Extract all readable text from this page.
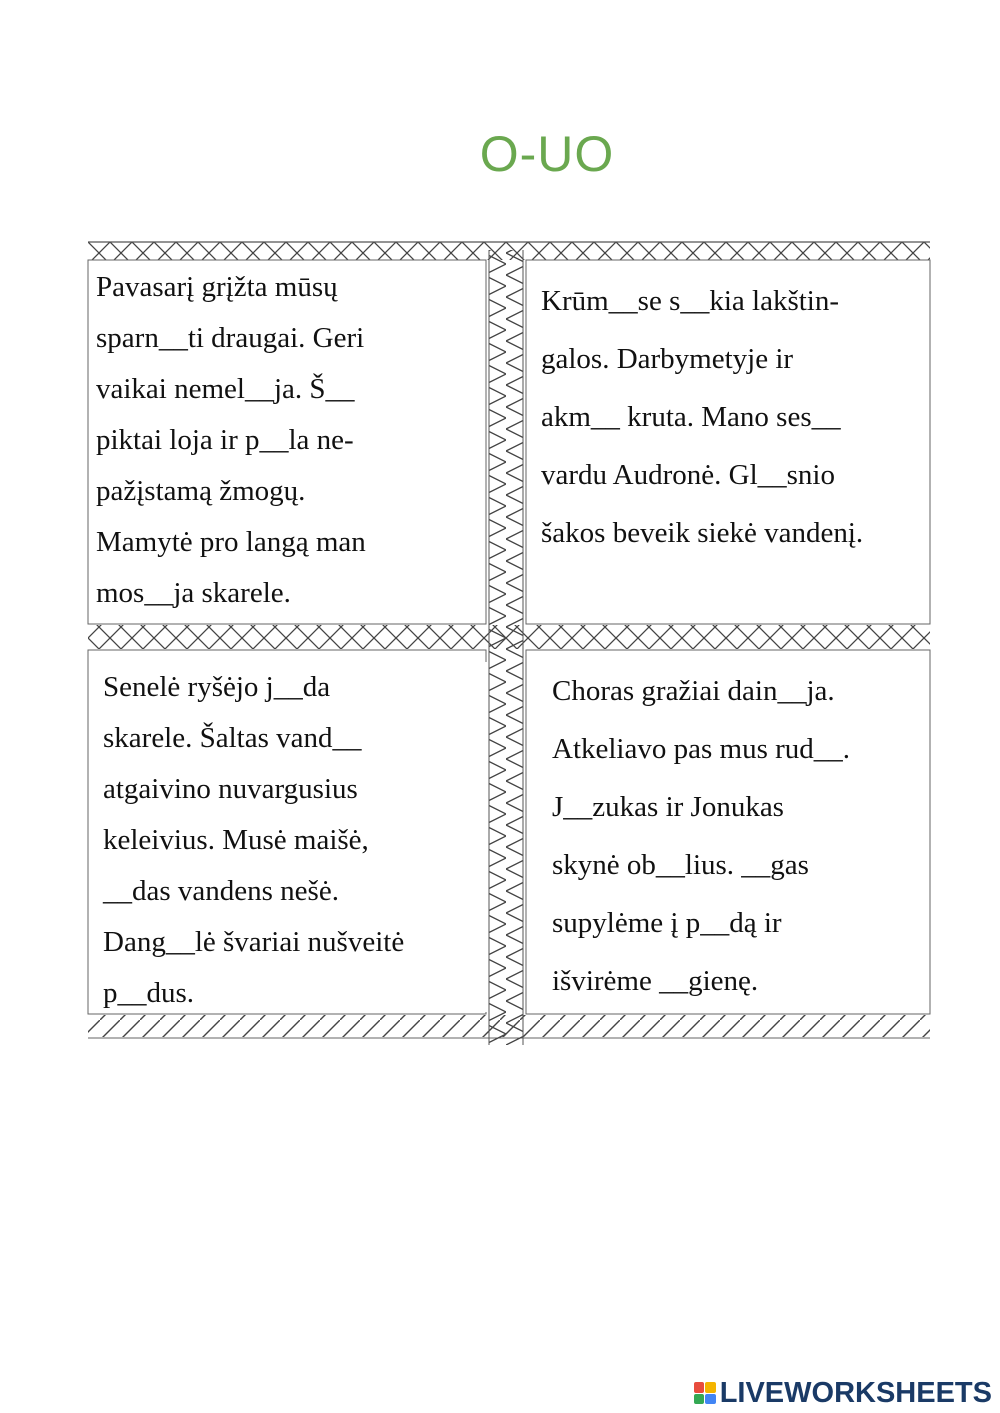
O-UO

Pavasarį grįžta mūsų

sparn__ti draugai. Geri

vaikai nemel__ja. Š__

piktai loja ir p__la ne-

pažįstamą žmogų.

Mamytė pro langą man

mos__ja skarele.

Krūm__se s__kia lakštin-

galos. Darbymetyje ir

akm__ kruta. Mano ses__

vardu Audronė. Gl__snio

šakos beveik siekė vandenį.

Senelė ryšėjo j__da

skarele. Šaltas vand__

atgaivino nuvargusius

keleivius. Musė maišė,

__das vandens nešė.

Dang__lė švariai nušveitė

p__dus.

Choras gražiai dain__ja.

Atkeliavo pas mus rud__.

J__zukas ir Jonukas

skynė ob__lius. __gas

supylėme į p__dą ir

išvirėme __gienę.

LIVEWORKSHEETS
